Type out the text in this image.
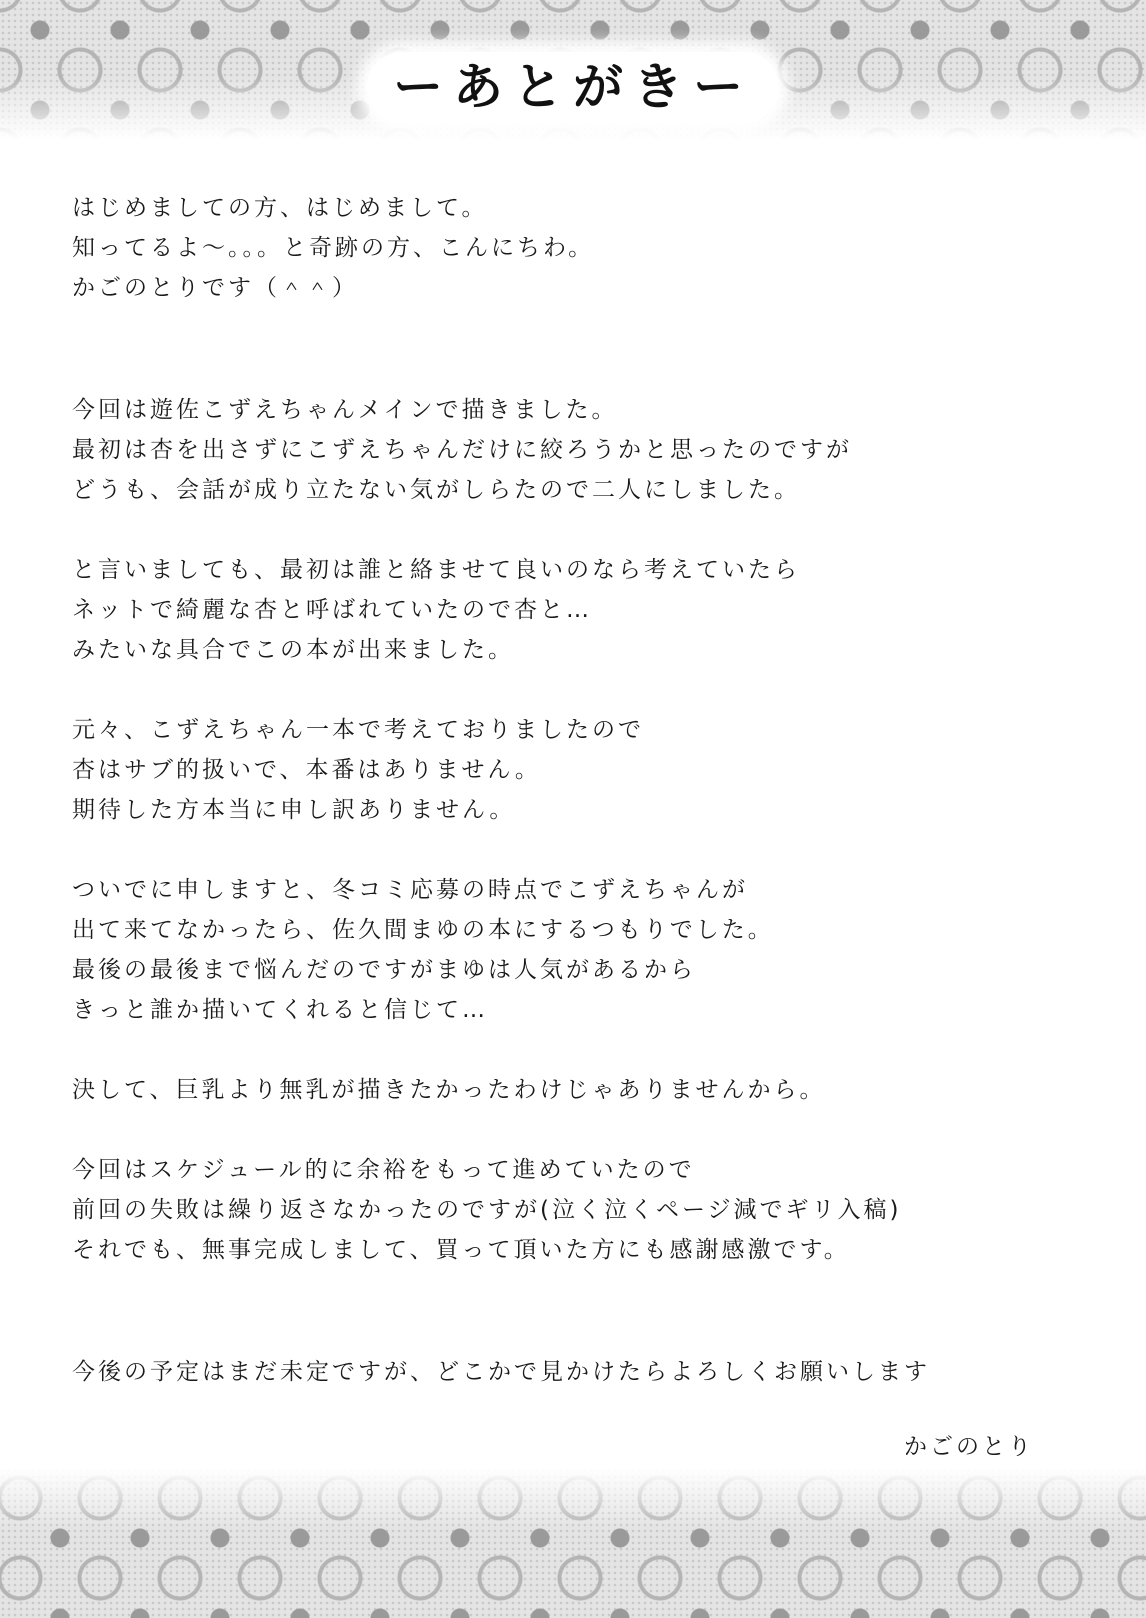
ーあとがきー

はじめましての方、はじめまして。
知ってるよ〜。。。と奇跡の方、こんにちわ。
かごのとりです（＾＾）

今回は遊佐こずえちゃんメインで描きました。
最初は杏を出さずにこずえちゃんだけに絞ろうかと思ったのですが
どうも、会話が成り立たない気がしらたので二人にしました。

と言いましても、最初は誰と絡ませて良いのなら考えていたら
ネットで綺麗な杏と呼ばれていたので杏と…
みたいな具合でこの本が出来ました。

元々、こずえちゃん一本で考えておりましたので
杏はサブ的扱いで、本番はありません。
期待した方本当に申し訳ありません。

ついでに申しますと、冬コミ応募の時点でこずえちゃんが
出て来てなかったら、佐久間まゆの本にするつもりでした。
最後の最後まで悩んだのですがまゆは人気があるから
きっと誰か描いてくれると信じて…

決して、巨乳より無乳が描きたかったわけじゃありませんから。

今回はスケジュール的に余裕をもって進めていたので
前回の失敗は繰り返さなかったのですが(泣く泣くページ減でギリ入稿)
それでも、無事完成しまして、買って頂いた方にも感謝感激です。

今後の予定はまだ未定ですが、どこかで見かけたらよろしくお願いします

かごのとり
